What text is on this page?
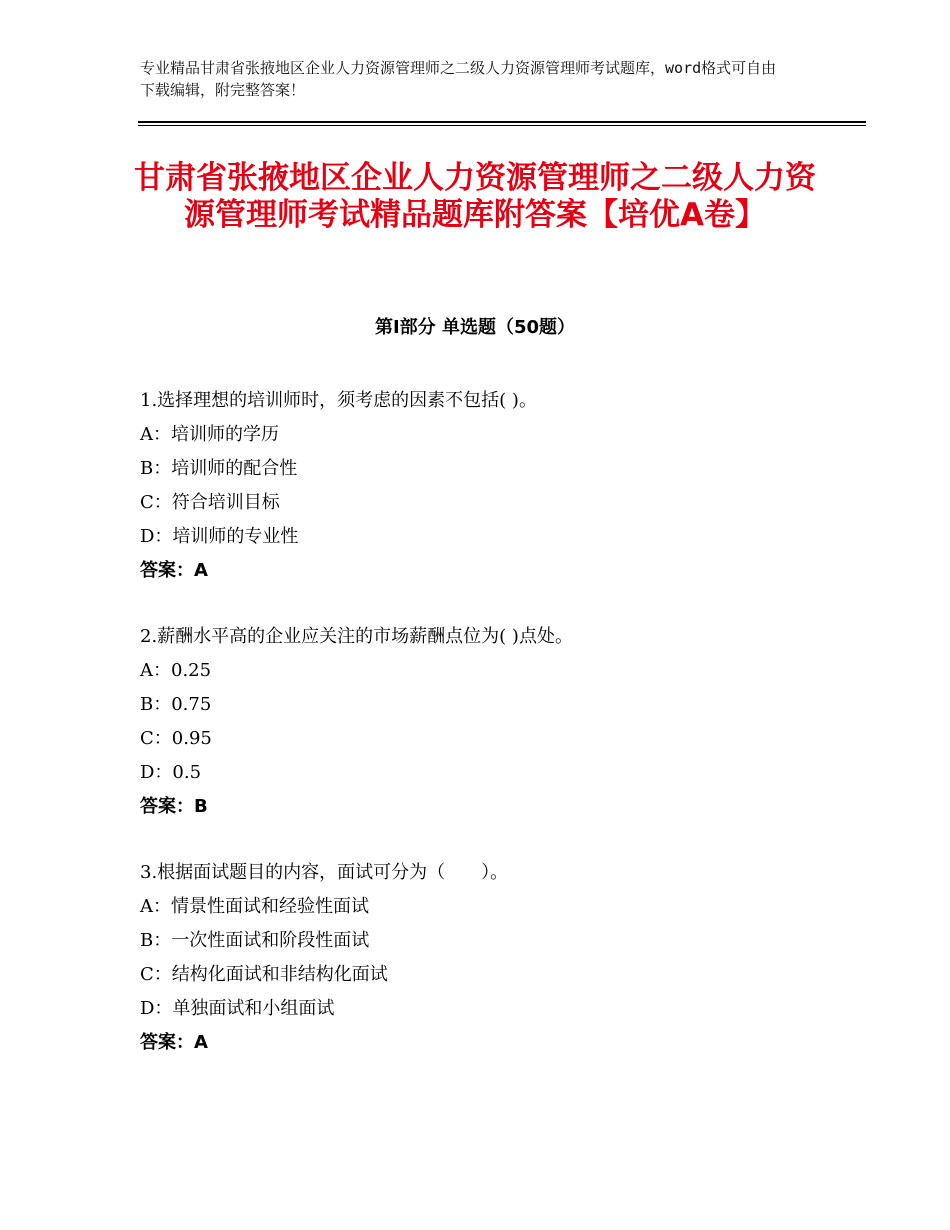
专业精品甘肃省张掖地区企业人力资源管理师之二级人力资源管理师考试题库，word格式可自由下载编辑，附完整答案！

甘肃省张掖地区企业人力资源管理师之二级人力资源管理师考试精品题库附答案【培优A卷】
第Ⅰ部分 单选题（50题）

1.选择理想的培训师时，须考虑的因素不包括( )。

A：培训师的学历

B：培训师的配合性

C：符合培训目标

D：培训师的专业性

答案：A

2.薪酬水平高的企业应关注的市场薪酬点位为( )点处。

A：0.25

B：0.75

C：0.95

D：0.5

答案：B

3.根据面试题目的内容，面试可分为（　　）。

A：情景性面试和经验性面试

B：一次性面试和阶段性面试

C：结构化面试和非结构化面试

D：单独面试和小组面试

答案：A
